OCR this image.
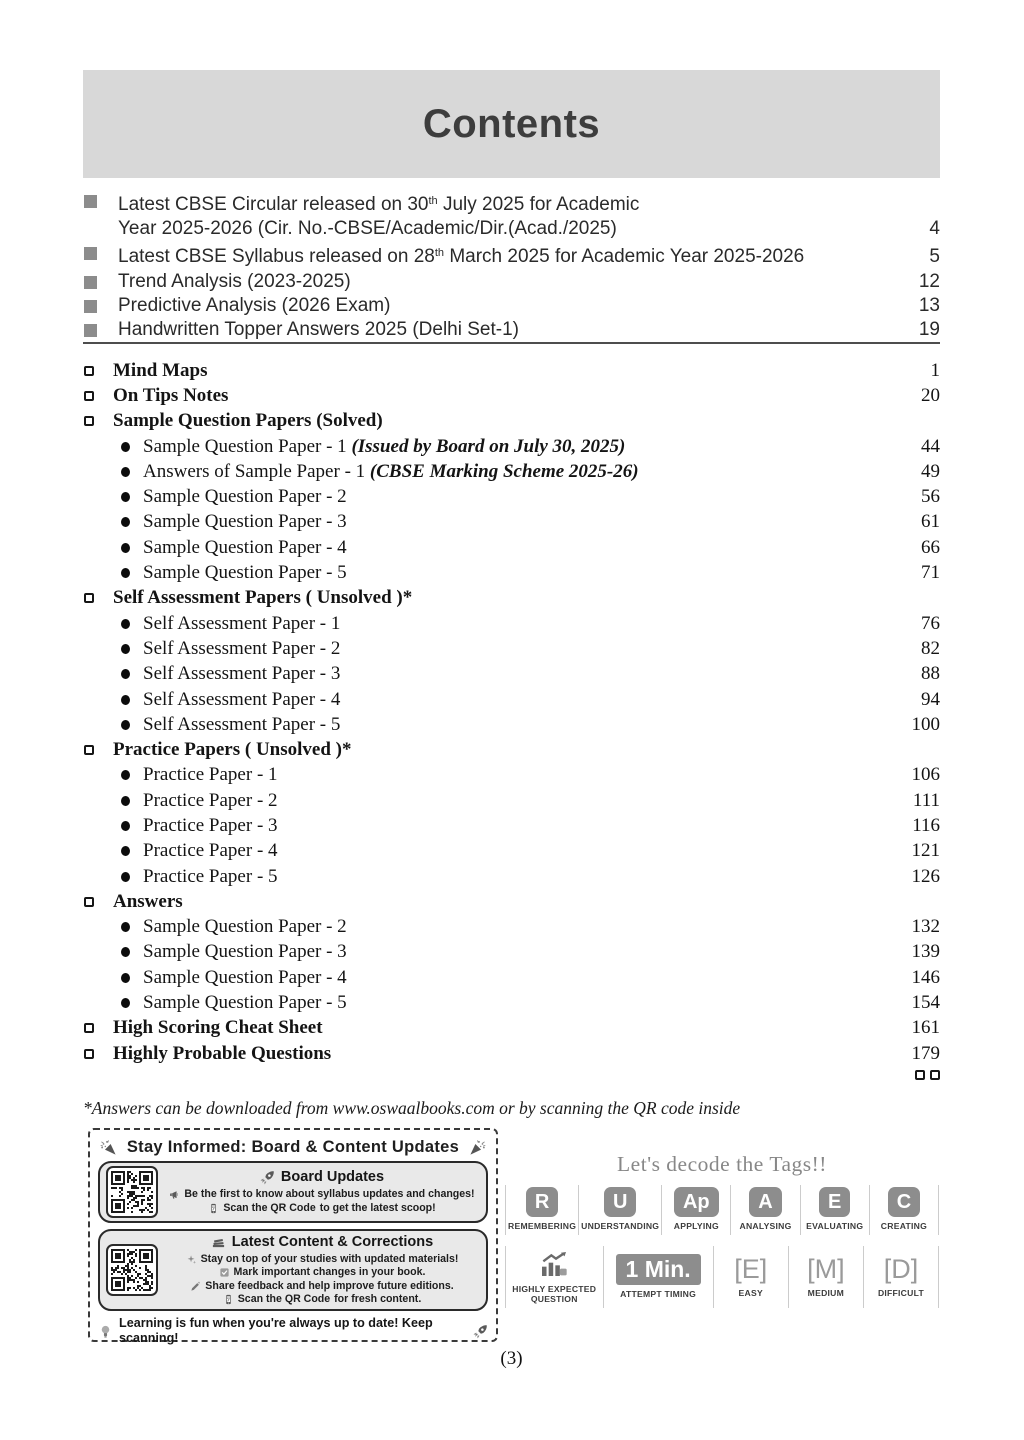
Contents
Latest CBSE Circular released on 30th July 2025 for Academic
Year 2025-2026 (Cir. No.-CBSE/Academic/Dir.(Acad./2025)	4
Latest CBSE Syllabus released on 28th March 2025 for Academic Year 2025-2026	5
Trend Analysis (2023-2025)	12
Predictive Analysis (2026 Exam)	13
Handwritten Topper Answers 2025 (Delhi Set-1)	19
Mind Maps	1
On Tips Notes	20
Sample Question Papers (Solved)
Sample Question Paper - 1 (Issued by Board on July 30, 2025)	44
Answers of Sample Paper - 1 (CBSE Marking Scheme 2025-26)	49
Sample Question Paper - 2	56
Sample Question Paper - 3	61
Sample Question Paper - 4	66
Sample Question Paper - 5	71
Self Assessment Papers ( Unsolved )*
Self Assessment Paper - 1	76
Self Assessment Paper - 2	82
Self Assessment Paper - 3	88
Self Assessment Paper - 4	94
Self Assessment Paper - 5	100
Practice Papers ( Unsolved )*
Practice Paper - 1	106
Practice Paper - 2	111
Practice Paper - 3	116
Practice Paper - 4	121
Practice Paper - 5	126
Answers
Sample Question Paper - 2	132
Sample Question Paper - 3	139
Sample Question Paper - 4	146
Sample Question Paper - 5	154
High Scoring Cheat Sheet	161
Highly Probable Questions	179
*Answers can be downloaded from www.oswaalbooks.com or by scanning the QR code inside
Stay Informed: Board & Content Updates
Board Updates
Be the first to know about syllabus updates and changes!
Scan the QR Code to get the latest scoop!
Latest Content & Corrections
Stay on top of your studies with updated materials!
Mark important changes in your book.
Share feedback and help improve future editions.
Scan the QR Code for fresh content.
Learning is fun when you're always up to date! Keep scanning!
Let's decode the Tags!!
R
REMEMBERING
U
UNDERSTANDING
Ap
APPLYING
A
ANALYSING
E
EVALUATING
C
CREATING
HIGHLY EXPECTED QUESTION
1 Min.
ATTEMPT TIMING
[E]
EASY
[M]
MEDIUM
[D]
DIFFICULT
(3)
